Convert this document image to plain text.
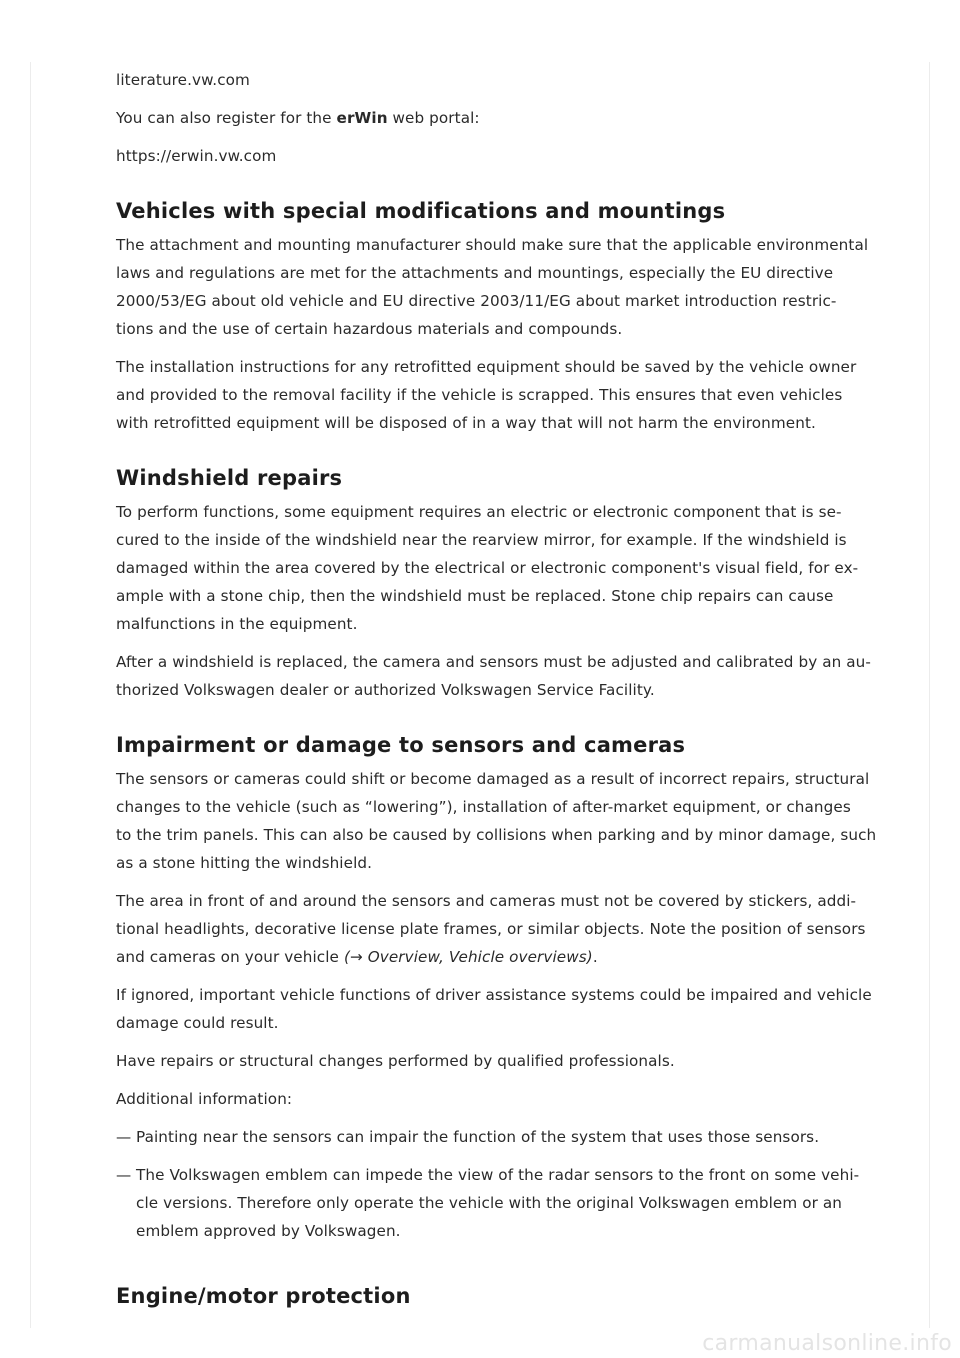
literature.vw.com

You can also register for the erWin web portal:

https://erwin.vw.com

Vehicles with special modifications and mountings

The attachment and mounting manufacturer should make sure that the applicable environmental
laws and regulations are met for the attachments and mountings, especially the EU directive
2000/53/EG about old vehicle and EU directive 2003/11/EG about market introduction restric-
tions and the use of certain hazardous materials and compounds.

The installation instructions for any retrofitted equipment should be saved by the vehicle owner
and provided to the removal facility if the vehicle is scrapped. This ensures that even vehicles
with retrofitted equipment will be disposed of in a way that will not harm the environment.

Windshield repairs

To perform functions, some equipment requires an electric or electronic component that is se-
cured to the inside of the windshield near the rearview mirror, for example. If the windshield is
damaged within the area covered by the electrical or electronic component's visual field, for ex-
ample with a stone chip, then the windshield must be replaced. Stone chip repairs can cause
malfunctions in the equipment.

After a windshield is replaced, the camera and sensors must be adjusted and calibrated by an au-
thorized Volkswagen dealer or authorized Volkswagen Service Facility.

Impairment or damage to sensors and cameras

The sensors or cameras could shift or become damaged as a result of incorrect repairs, structural
changes to the vehicle (such as “lowering”), installation of after-market equipment, or changes
to the trim panels. This can also be caused by collisions when parking and by minor damage, such
as a stone hitting the windshield.

The area in front of and around the sensors and cameras must not be covered by stickers, addi-
tional headlights, decorative license plate frames, or similar objects. Note the position of sensors
and cameras on your vehicle (→ Overview, Vehicle overviews).

If ignored, important vehicle functions of driver assistance systems could be impaired and vehicle
damage could result.

Have repairs or structural changes performed by qualified professionals.

Additional information:

— Painting near the sensors can impair the function of the system that uses those sensors.

— The Volkswagen emblem can impede the view of the radar sensors to the front on some vehi-
cle versions. Therefore only operate the vehicle with the original Volkswagen emblem or an
emblem approved by Volkswagen.

Engine/motor protection
carmanualsonline.info
